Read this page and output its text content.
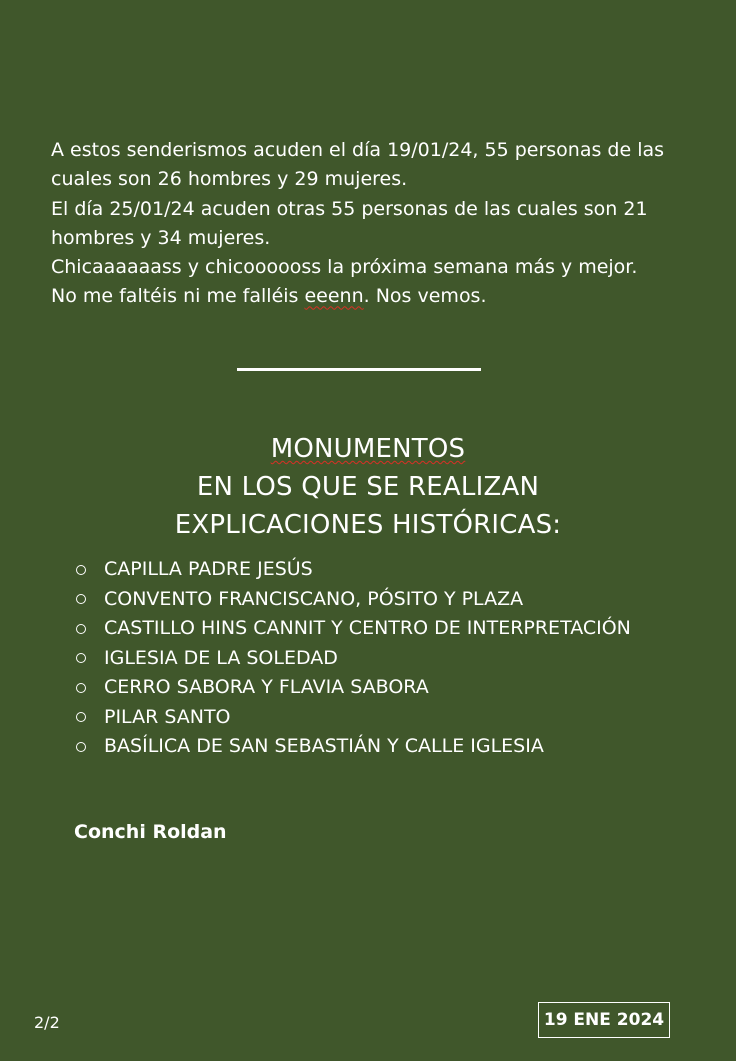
A estos senderismos acuden el día 19/01/24, 55 personas de las cuales son 26 hombres y 29 mujeres.

El día 25/01/24 acuden otras 55 personas de las cuales son 21 hombres y 34 mujeres.

Chicaaaaaass y chicoooooss la próxima semana más y mejor.

No me faltéis ni me falléis eeenn. Nos vemos.

MONUMENTOS
EN LOS QUE SE REALIZAN
EXPLICACIONES HISTÓRICAS:
CAPILLA PADRE JESÚS
CONVENTO FRANCISCANO, PÓSITO Y PLAZA
CASTILLO HINS CANNIT Y CENTRO DE INTERPRETACIÓN
IGLESIA DE LA SOLEDAD
CERRO SABORA Y FLAVIA SABORA
PILAR SANTO
BASÍLICA DE SAN SEBASTIÁN Y CALLE IGLESIA
Conchi Roldan
2/2	19 ENE 2024
